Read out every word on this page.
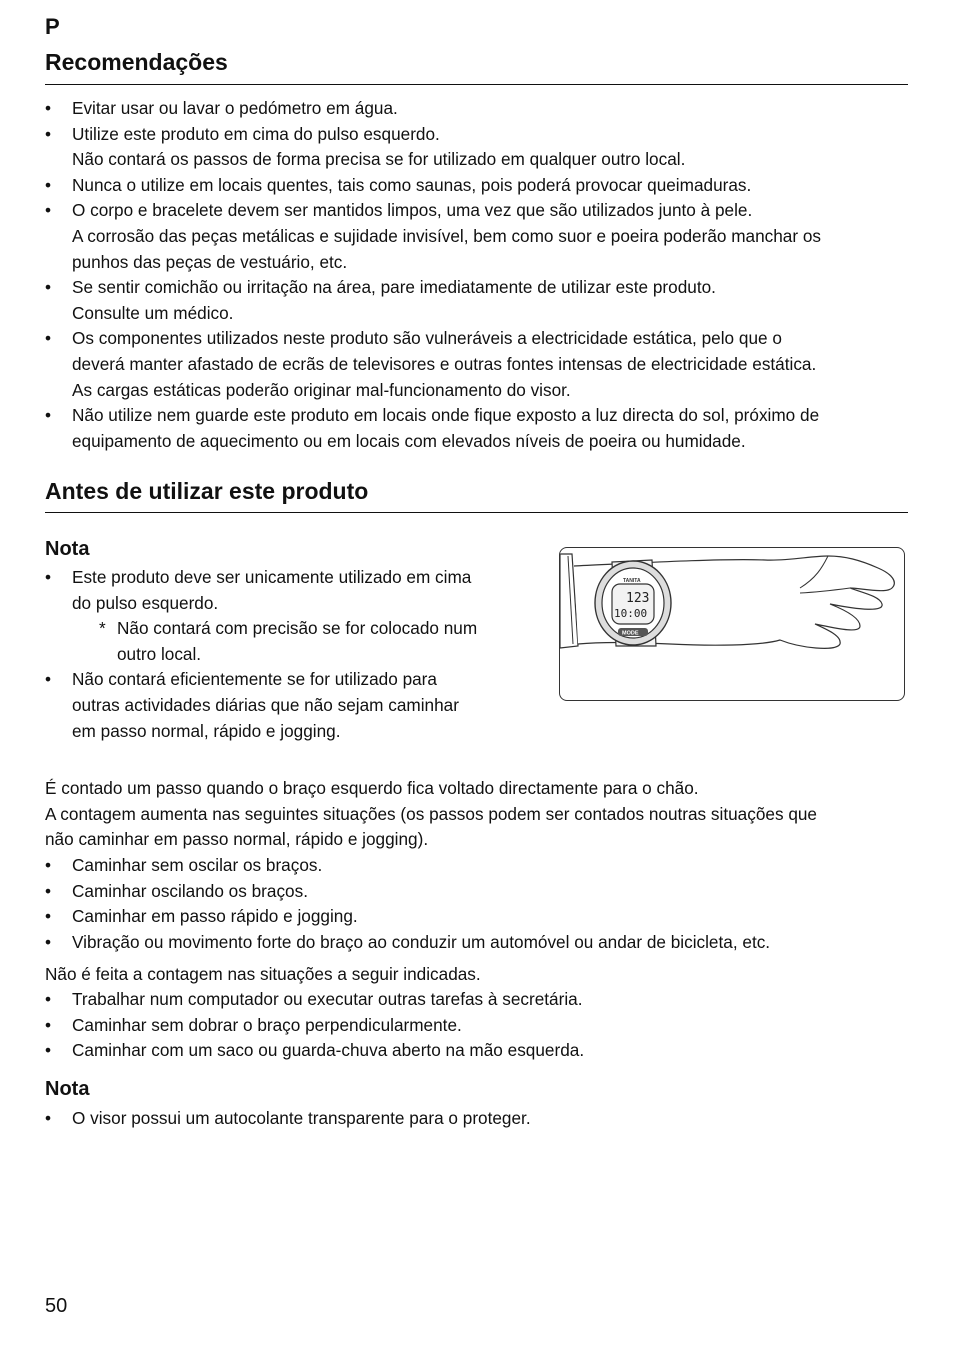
P
Recomendações
• Evitar usar ou lavar o pedómetro em água.
• Utilize este produto em cima do pulso esquerdo.
Não contará os passos de forma precisa se for utilizado em qualquer outro local.
• Nunca o utilize em locais quentes, tais como saunas, pois poderá provocar queimaduras.
• O corpo e bracelete devem ser mantidos limpos, uma vez que são utilizados junto à pele.
A corrosão das peças metálicas e sujidade invisível, bem como suor e poeira poderão manchar os
punhos das peças de vestuário, etc.
• Se sentir comichão ou irritação na área, pare imediatamente de utilizar este produto.
Consulte um médico.
• Os componentes utilizados neste produto são vulneráveis a electricidade estática, pelo que o
deverá manter afastado de ecrãs de televisores e outras fontes intensas de electricidade estática.
As cargas estáticas poderão originar mal-funcionamento do visor.
• Não utilize nem guarde este produto em locais onde fique exposto a luz directa do sol, próximo de
equipamento de aquecimento ou em locais com elevados níveis de poeira ou humidade.
Antes de utilizar este produto
Nota
• Este produto deve ser unicamente utilizado em cima
do pulso esquerdo.
* Não contará com precisão se for colocado num
outro local.
• Não contará eficientemente se for utilizado para
outras actividades diárias que não sejam caminhar
em passo normal, rápido e jogging.
TANITA
123
10:00
MODE
É contado um passo quando o braço esquerdo fica voltado directamente para o chão.
A contagem aumenta nas seguintes situações (os passos podem ser contados noutras situações que
não caminhar em passo normal, rápido e jogging).
• Caminhar sem oscilar os braços.
• Caminhar oscilando os braços.
• Caminhar em passo rápido e jogging.
• Vibração ou movimento forte do braço ao conduzir um automóvel ou andar de bicicleta, etc.
Não é feita a contagem nas situações a seguir indicadas.
• Trabalhar num computador ou executar outras tarefas à secretária.
• Caminhar sem dobrar o braço perpendicularmente.
• Caminhar com um saco ou guarda-chuva aberto na mão esquerda.
Nota
• O visor possui um autocolante transparente para o proteger.
50
